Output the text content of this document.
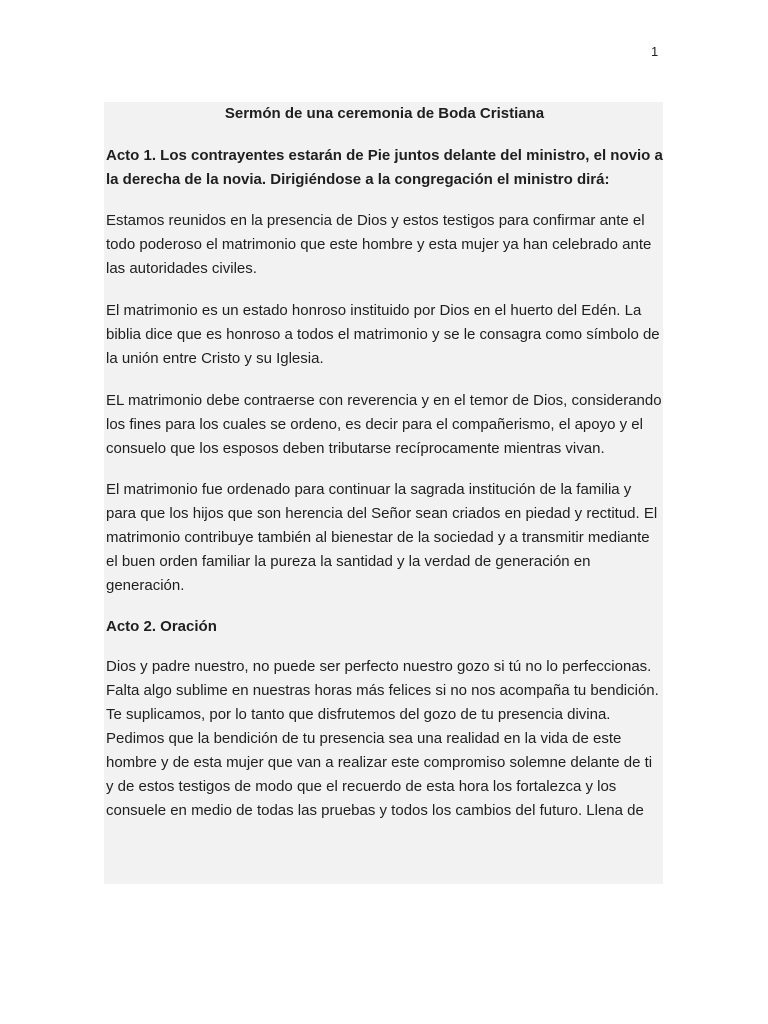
1

Sermón de una ceremonia de Boda Cristiana

Acto 1. Los contrayentes estarán de Pie juntos delante del ministro, el novio a la derecha de la novia. Dirigiéndose a la congregación el ministro dirá:

Estamos reunidos en la presencia de Dios y estos testigos para confirmar ante el todo poderoso el matrimonio que este hombre y esta mujer ya han celebrado ante las autoridades civiles.

El matrimonio es un estado honroso instituido por Dios en el huerto del Edén. La biblia dice que es honroso a todos el matrimonio y se le consagra como símbolo de la unión entre Cristo y su Iglesia.

EL matrimonio debe contraerse con reverencia y en el temor de Dios, considerando los fines para los cuales se ordeno, es decir para el compañerismo, el apoyo y el consuelo que los esposos deben tributarse recíprocamente mientras vivan.

El matrimonio fue ordenado para continuar la sagrada institución de la familia y para que los hijos que son herencia del Señor sean criados en piedad y rectitud. El matrimonio contribuye también al bienestar de la sociedad y a transmitir mediante el buen orden familiar la pureza la santidad y la verdad de generación en generación.

Acto 2. Oración

Dios y padre nuestro, no puede ser perfecto nuestro gozo si tú no lo perfeccionas. Falta algo sublime en nuestras horas más felices si no nos acompaña tu bendición. Te suplicamos, por lo tanto que disfrutemos del gozo de tu presencia divina. Pedimos que la bendición de tu presencia sea una realidad en la vida de este hombre y de esta mujer que van a realizar este compromiso solemne delante de ti y de estos testigos de modo que el recuerdo de esta hora los fortalezca y los consuele en medio de todas las pruebas y todos los cambios del futuro. Llena de
